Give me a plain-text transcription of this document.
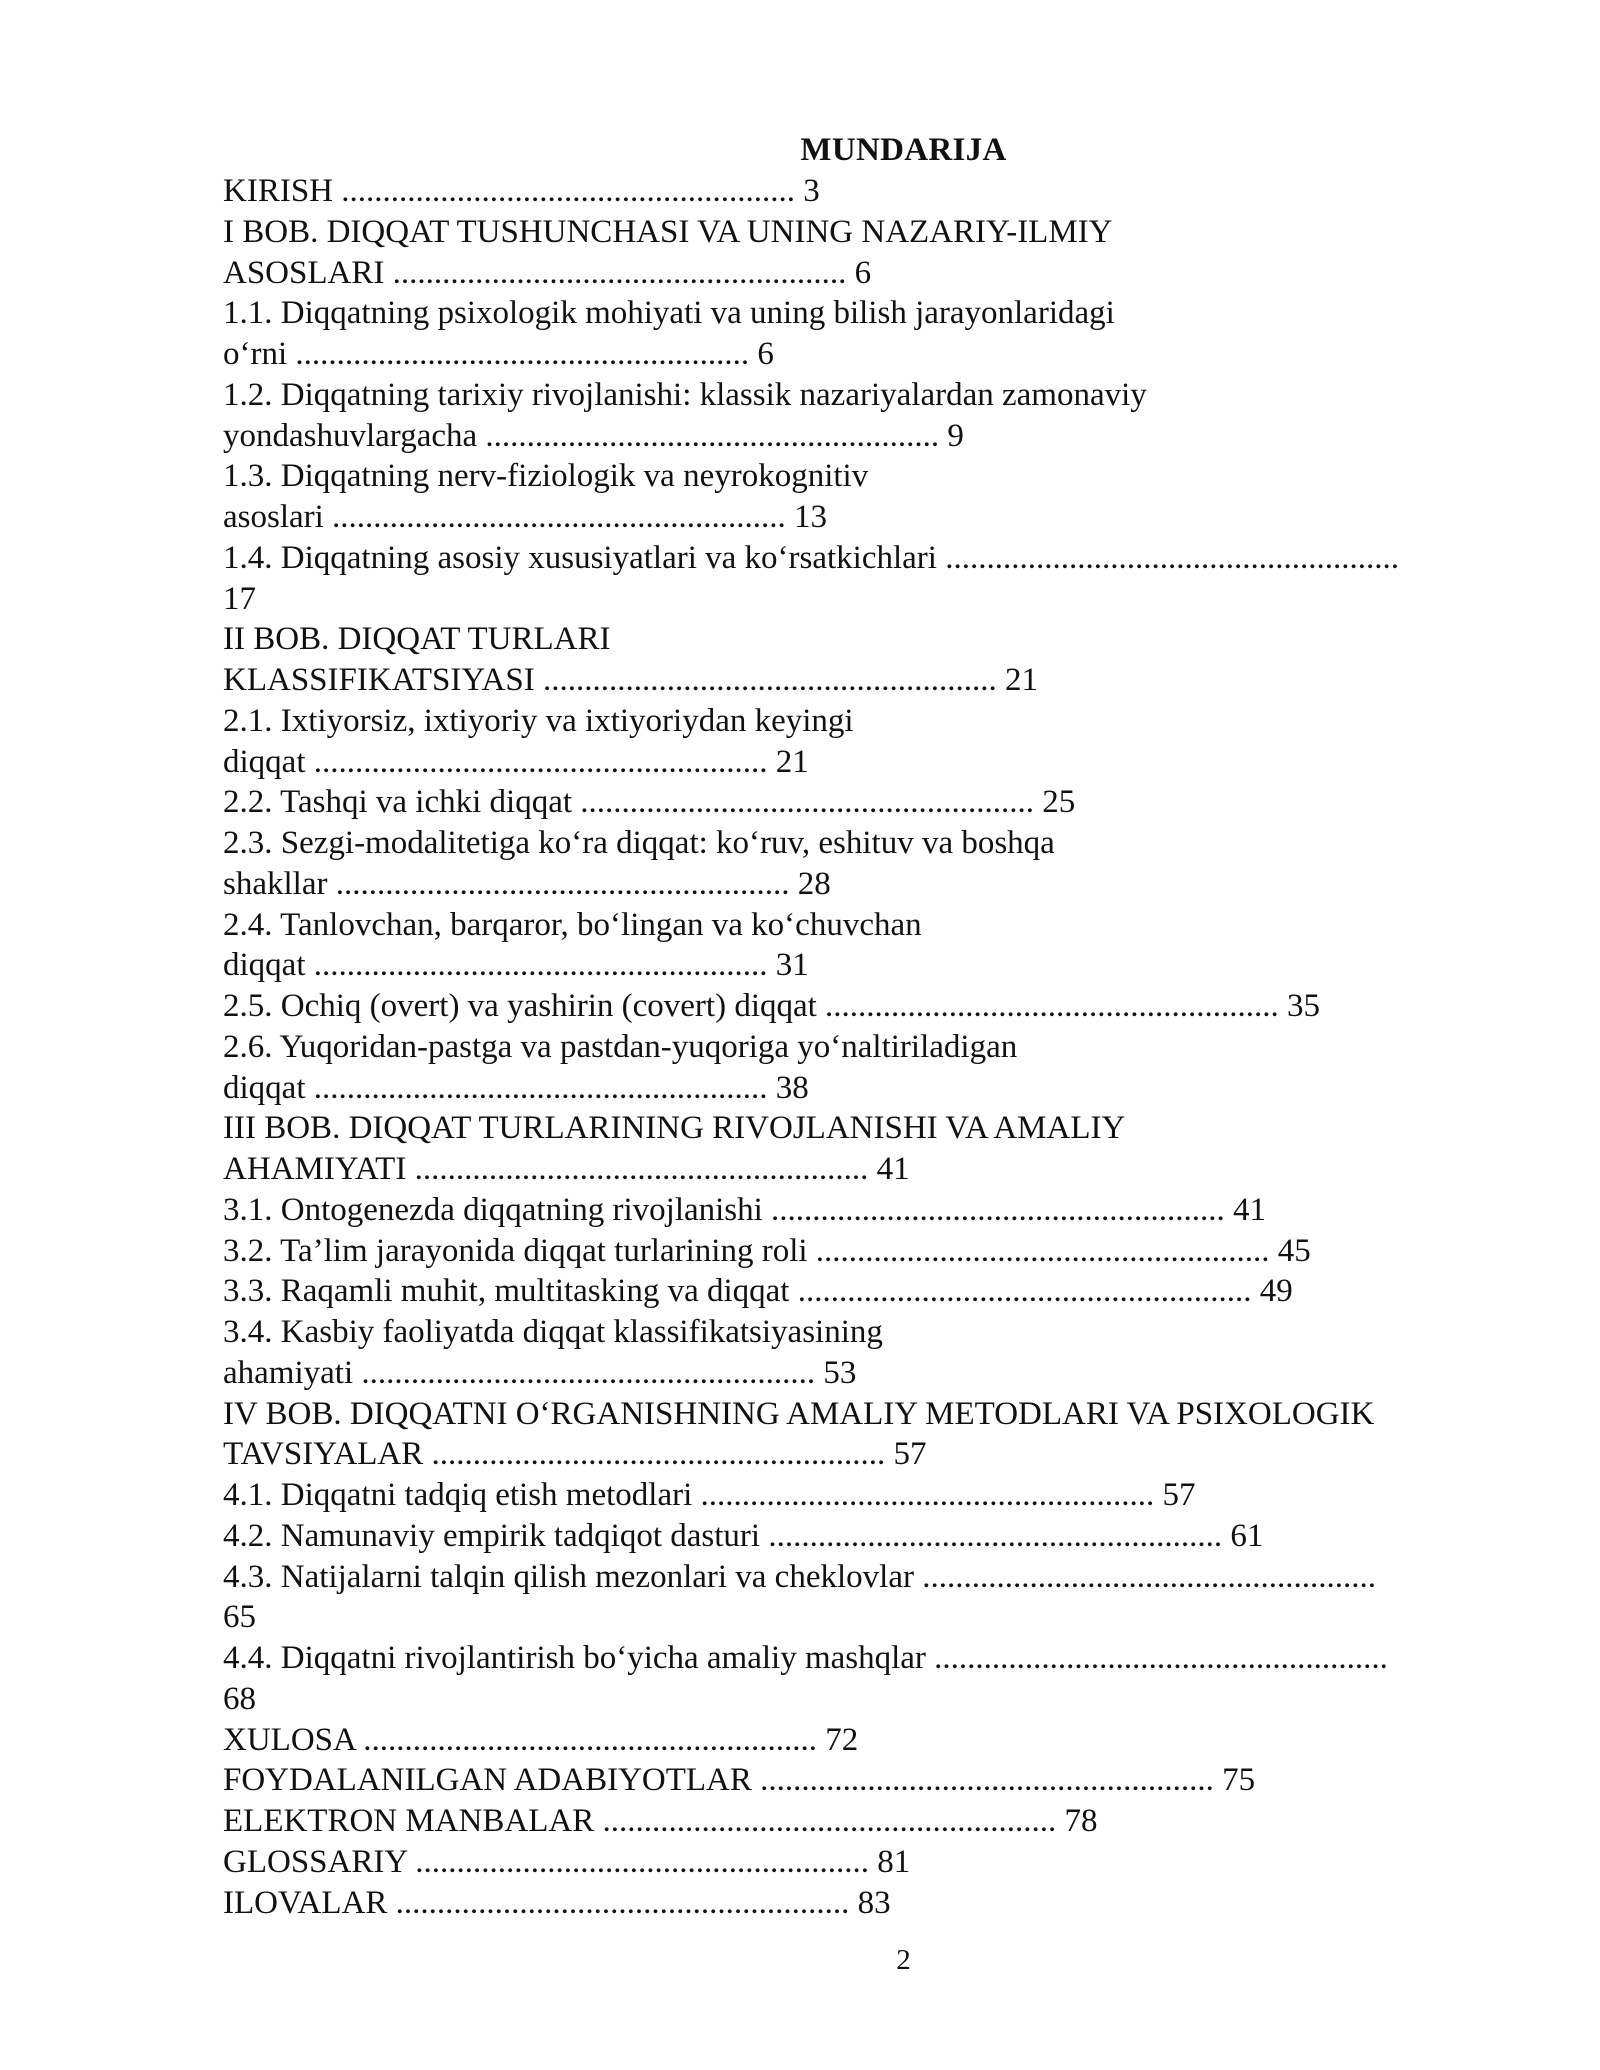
MUNDARIJA
KIRISH ....................................................... 3
I BOB. DIQQAT TUSHUNCHASI VA UNING NAZARIY-ILMIY
ASOSLARI ....................................................... 6
1.1. Diqqatning psixologik mohiyati va uning bilish jarayonlaridagi
o‘rni ....................................................... 6
1.2. Diqqatning tarixiy rivojlanishi: klassik nazariyalardan zamonaviy
yondashuvlargacha ....................................................... 9
1.3. Diqqatning nerv-fiziologik va neyrokognitiv
asoslari ....................................................... 13
1.4. Diqqatning asosiy xususiyatlari va ko‘rsatkichlari .......................................................
17
II BOB. DIQQAT TURLARI
KLASSIFIKATSIYASI ....................................................... 21
2.1. Ixtiyorsiz, ixtiyoriy va ixtiyoriydan keyingi
diqqat ....................................................... 21
2.2. Tashqi va ichki diqqat ....................................................... 25
2.3. Sezgi-modalitetiga ko‘ra diqqat: ko‘ruv, eshituv va boshqa
shakllar ....................................................... 28
2.4. Tanlovchan, barqaror, bo‘lingan va ko‘chuvchan
diqqat ....................................................... 31
2.5. Ochiq (overt) va yashirin (covert) diqqat ....................................................... 35
2.6. Yuqoridan-pastga va pastdan-yuqoriga yo‘naltiriladigan
diqqat ....................................................... 38
III BOB. DIQQAT TURLARINING RIVOJLANISHI VA AMALIY
AHAMIYATI ....................................................... 41
3.1. Ontogenezda diqqatning rivojlanishi ....................................................... 41
3.2. Ta’lim jarayonida diqqat turlarining roli ....................................................... 45
3.3. Raqamli muhit, multitasking va diqqat ....................................................... 49
3.4. Kasbiy faoliyatda diqqat klassifikatsiyasining
ahamiyati ....................................................... 53
IV BOB. DIQQATNI O‘RGANISHNING AMALIY METODLARI VA PSIXOLOGIK
TAVSIYALAR ....................................................... 57
4.1. Diqqatni tadqiq etish metodlari ....................................................... 57
4.2. Namunaviy empirik tadqiqot dasturi ....................................................... 61
4.3. Natijalarni talqin qilish mezonlari va cheklovlar .......................................................
65
4.4. Diqqatni rivojlantirish bo‘yicha amaliy mashqlar .......................................................
68
XULOSA ....................................................... 72
FOYDALANILGAN ADABIYOTLAR ....................................................... 75
ELEKTRON MANBALAR ....................................................... 78
GLOSSARIY ....................................................... 81
ILOVALAR ....................................................... 83
2
